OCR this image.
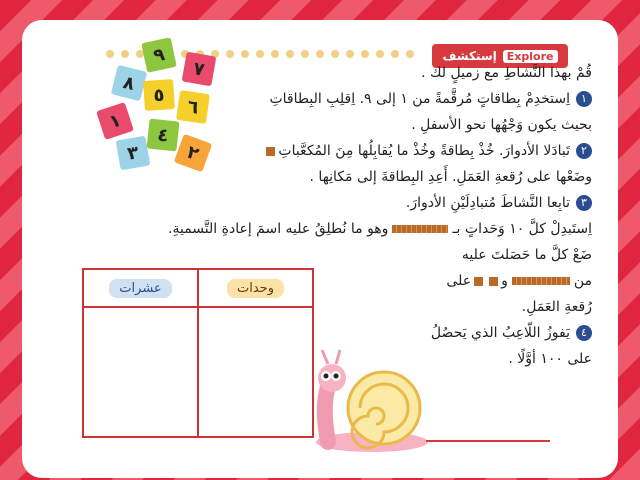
إستكشف Explore
٩
٧
٨
٥
٦
١
٤
٣	٢
قُمْ بهذا النَّشاطِ مع زميلٍ لك .
١اِستخدِمْ بِطاقاتٍ مُرقَّمةً من ١ إلى ٩. اِقلِبِ البِطاقاتِ
بحيث يكون وَجْهُها نحو الأسفلِ .
٢تَبادَلا الأدوارَ. خُذْ بِطاقةً وخُذْ ما يُقابِلُها مِنَ المُكعَّباتِ
وضَعْها على رُقعةِ العَمَلِ. أَعِدِ البِطاقةَ إلى مَكانِها .
٣تابِعا النَّشاطَ مُتبادِلَيْنِ الأدوارَ.
اِستَبدِلْ كلَّ ١٠ وَحَداتٍ بـوهو ما نُطلِقُ عليه اسمَ إعادةِ التَّسميةِ.
ضَعْ كلَّ ما حَصَلتَ عليه
منوعلى
رُقعةِ العَمَلِ.
٤يَفوزُ اللّاعِبُ الذي يَحصُلُ
على ١٠٠ أوَّلًا .
عشرات	وحدات
